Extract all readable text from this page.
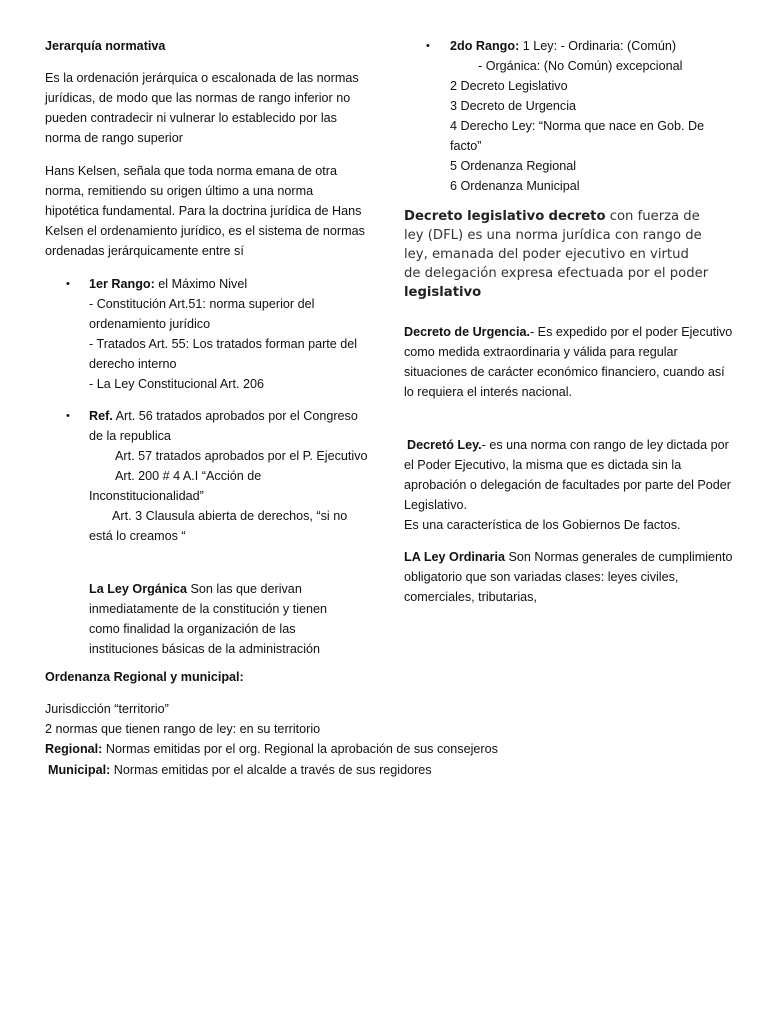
Jerarquía normativa

Es la ordenación jerárquica o escalonada de las normas jurídicas, de modo que las normas de rango inferior no pueden contradecir ni vulnerar lo establecido por las norma de rango superior

Hans Kelsen, señala que toda norma emana de otra norma, remitiendo su origen último a una norma hipotética fundamental. Para la doctrina jurídica de Hans Kelsen el ordenamiento jurídico, es el sistema de normas ordenadas jerárquicamente entre sí

• 1er Rango: el Máximo Nivel

- Constitución Art.51: norma superior del ordenamiento jurídico

- Tratados Art. 55: Los tratados forman parte del derecho interno

- La Ley Constitucional Art. 206

• Ref. Art. 56 tratados aprobados por el Congreso de la republica

Art. 57 tratados aprobados por el P. Ejecutivo

Art. 200 # 4 A.I “Acción de Inconstitucionalidad”

Art. 3 Clausula abierta de derechos, “si no está lo creamos “

La Ley Orgánica Son las que derivan inmediatamente de la constitución y tienen como finalidad la organización de las instituciones básicas de la administración

• 2do Rango: 1 Ley: - Ordinaria: (Común)

- Orgánica: (No Común) excepcional

2 Decreto Legislativo

3 Decreto de Urgencia

4 Derecho Ley: “Norma que nace en Gob. De facto”

5 Ordenanza Regional

6 Ordenanza Municipal

Decreto legislativo decreto con fuerza de ley (DFL) es una norma jurídica con rango de ley, emanada del poder ejecutivo en virtud de delegación expresa efectuada por el poder legislativo

Decreto de Urgencia.- Es expedido por el poder Ejecutivo como medida extraordinaria y válida para regular situaciones de carácter económico financiero, cuando así lo requiera el interés nacional.

Decretó Ley.- es una norma con rango de ley dictada por el Poder Ejecutivo, la misma que es dictada sin la aprobación o delegación de facultades por parte del Poder Legislativo.

Es una característica de los Gobiernos De factos.

LA Ley Ordinaria Son Normas generales de cumplimiento obligatorio que son variadas clases: leyes civiles, comerciales, tributarias,

Ordenanza Regional y municipal:

Jurisdicción “territorio”

2 normas que tienen rango de ley: en su territorio

Regional: Normas emitidas por el org. Regional la aprobación de sus consejeros

Municipal: Normas emitidas por el alcalde a través de sus regidores
